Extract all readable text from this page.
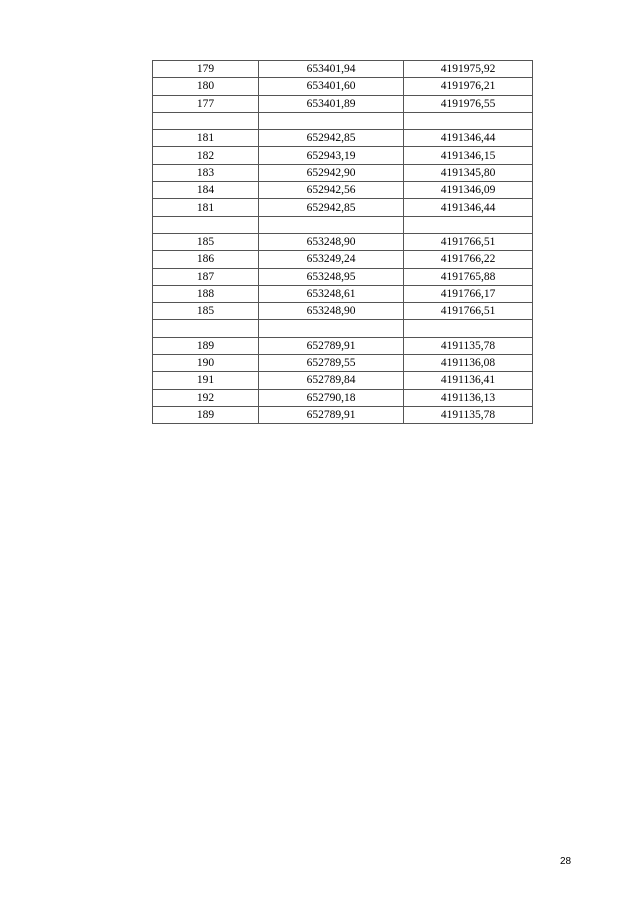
179	653401,94	4191975,92
180	653401,60	4191976,21
177	653401,89	4191976,55

181	652942,85	4191346,44
182	652943,19	4191346,15
183	652942,90	4191345,80
184	652942,56	4191346,09
181	652942,85	4191346,44

185	653248,90	4191766,51
186	653249,24	4191766,22
187	653248,95	4191765,88
188	653248,61	4191766,17
185	653248,90	4191766,51

189	652789,91	4191135,78
190	652789,55	4191136,08
191	652789,84	4191136,41
192	652790,18	4191136,13
189	652789,91	4191135,78
28
